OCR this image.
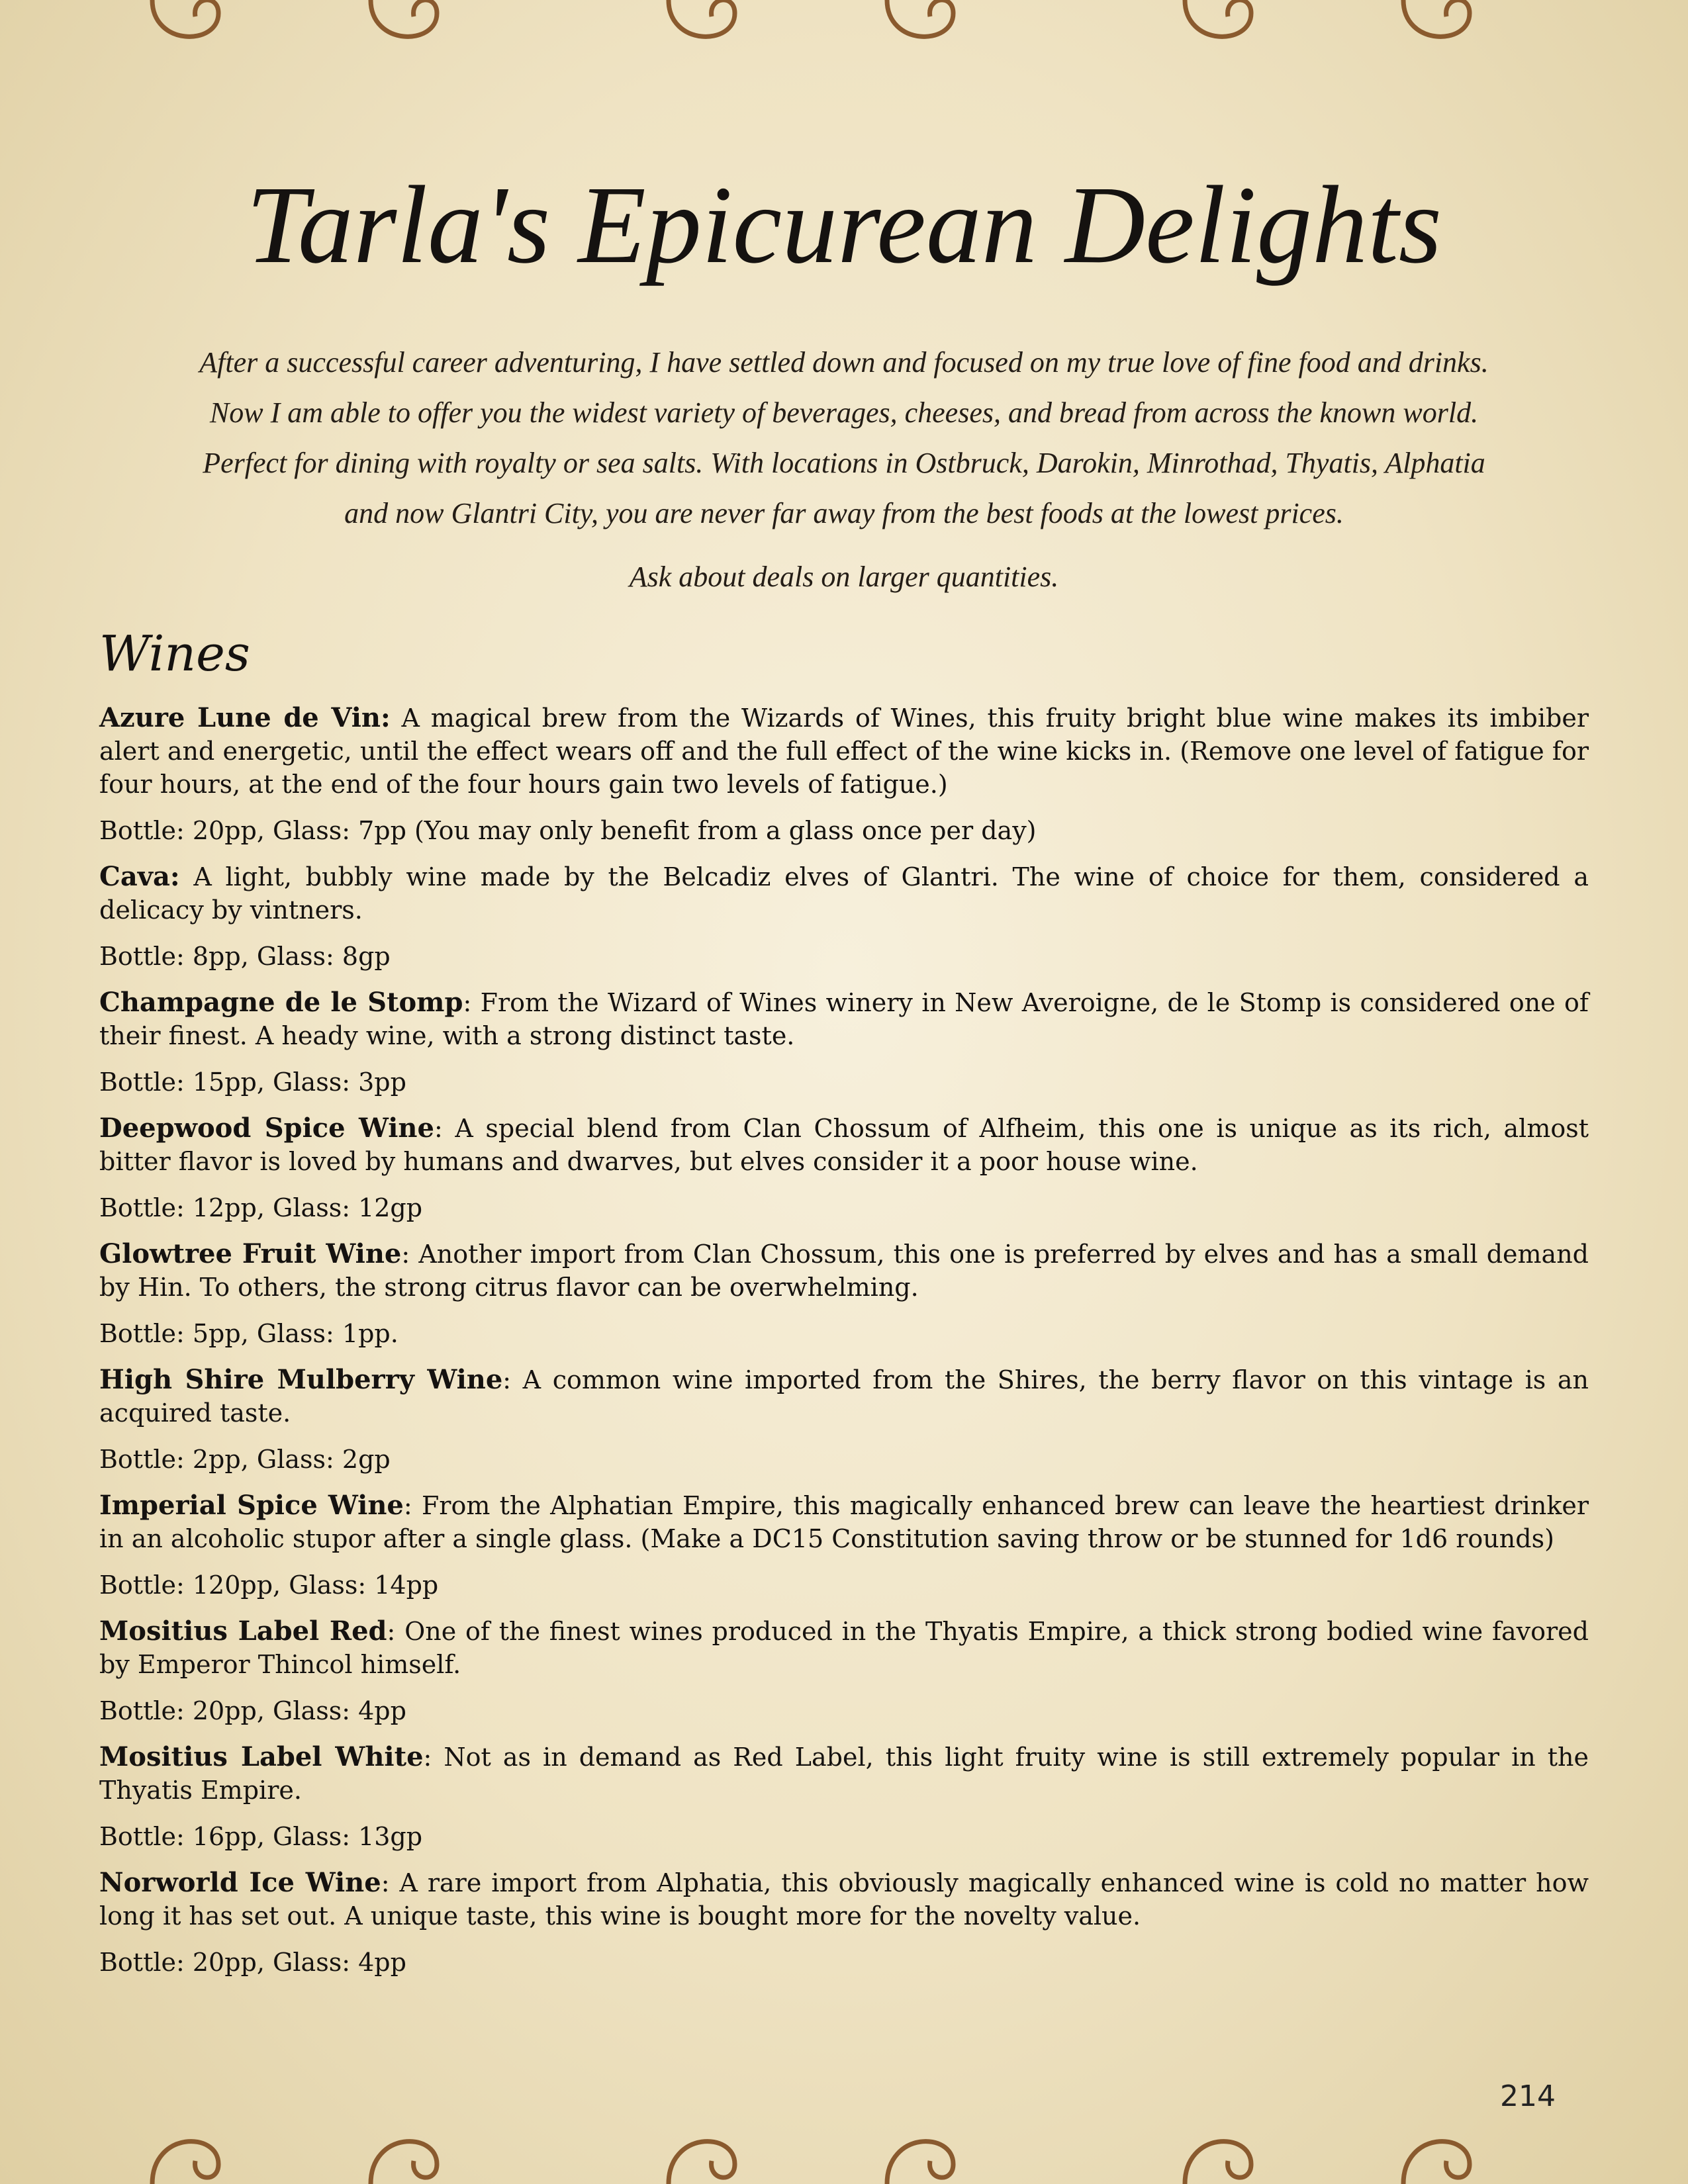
Tarla's Epicurean Delights

After a successful career adventuring, I have settled down and focused on my true love of fine food and drinks.

Now I am able to offer you the widest variety of beverages, cheeses, and bread from across the known world.

Perfect for dining with royalty or sea salts. With locations in Ostbruck, Darokin, Minrothad, Thyatis, Alphatia

and now Glantri City, you are never far away from the best foods at the lowest prices.

Ask about deals on larger quantities.

Wines

Azure Lune de Vin: A magical brew from the Wizards of Wines, this fruity bright blue wine makes its imbiber alert and energetic, until the effect wears off and the full effect of the wine kicks in. (Remove one level of fatigue for four hours, at the end of the four hours gain two levels of fatigue.)

Bottle: 20pp, Glass: 7pp (You may only benefit from a glass once per day)

Cava: A light, bubbly wine made by the Belcadiz elves of Glantri. The wine of choice for them, considered a delicacy by vintners.

Bottle: 8pp, Glass: 8gp

Champagne de le Stomp: From the Wizard of Wines winery in New Averoigne, de le Stomp is considered one of their finest. A heady wine, with a strong distinct taste.

Bottle: 15pp, Glass: 3pp

Deepwood Spice Wine: A special blend from Clan Chossum of Alfheim, this one is unique as its rich, almost bitter flavor is loved by humans and dwarves, but elves consider it a poor house wine.

Bottle: 12pp, Glass: 12gp

Glowtree Fruit Wine: Another import from Clan Chossum, this one is preferred by elves and has a small demand by Hin. To others, the strong citrus flavor can be overwhelming.

Bottle: 5pp, Glass: 1pp.

High Shire Mulberry Wine: A common wine imported from the Shires, the berry flavor on this vintage is an acquired taste.

Bottle: 2pp, Glass: 2gp

Imperial Spice Wine: From the Alphatian Empire, this magically enhanced brew can leave the heartiest drinker in an alcoholic stupor after a single glass. (Make a DC15 Constitution saving throw or be stunned for 1d6 rounds)

Bottle: 120pp, Glass: 14pp

Mositius Label Red: One of the finest wines produced in the Thyatis Empire, a thick strong bodied wine favored by Emperor Thincol himself.

Bottle: 20pp, Glass: 4pp

Mositius Label White: Not as in demand as Red Label, this light fruity wine is still extremely popular in the Thyatis Empire.

Bottle: 16pp, Glass: 13gp

Norworld Ice Wine: A rare import from Alphatia, this obviously magically enhanced wine is cold no matter how long it has set out. A unique taste, this wine is bought more for the novelty value.

Bottle: 20pp, Glass: 4pp

214
